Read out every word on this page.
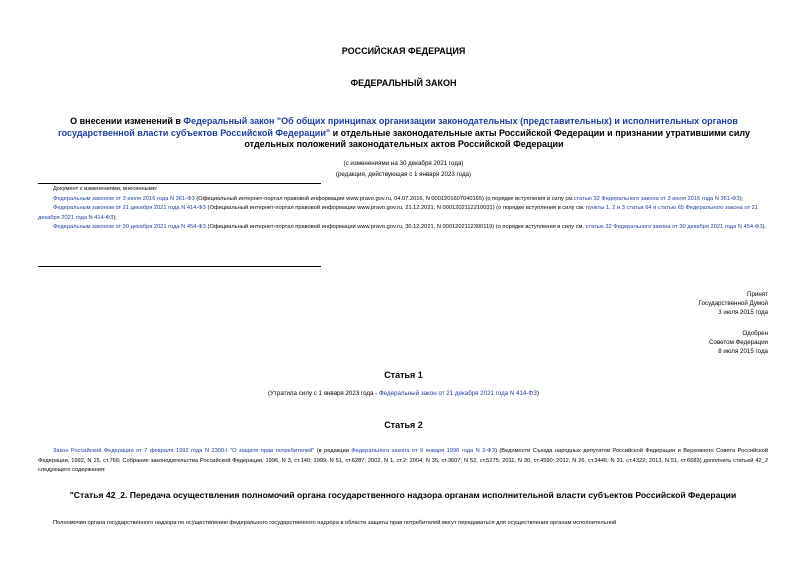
РОССИЙСКАЯ ФЕДЕРАЦИЯ
ФЕДЕРАЛЬНЫЙ ЗАКОН
О внесении изменений в Федеральный закон "Об общих принципах организации законодательных (представительных) и исполнительных органов государственной власти субъектов Российской Федерации" и отдельные законодательные акты Российской Федерации и признании утратившими силу отдельных положений законодательных актов Российской Федерации
(с изменениями на 30 декабря 2021 года)
(редакция, действующая с 1 января 2023 года)
Документ с изменениями, внесенными:
Федеральным законом от 3 июля 2016 года N 361-ФЗ (Официальный интернет-портал правовой информации www.pravo.gov.ru, 04.07.2016, N 0001201607040165) (о порядке вступления в силу см.статью 32 Федерального закона от 3 июля 2016 года N 361-ФЗ);
Федеральным законом от 21 декабря 2021 года N 414-ФЗ (Официальный интернет-портал правовой информации www.pravo.gov.ru, 21.12.2021, N 0001202112210031) (о порядке вступления в силу см. пункты 1, 2 и 3 статьи 64 и статью 65 Федерального закона от 21 декабря 2021 года N 414-ФЗ);
Федеральным законом от 30 декабря 2021 года N 454-ФЗ (Официальный интернет-портал правовой информации www.pravo.gov.ru, 30.12.2021, N 0001202112300119) (о порядке вступления в силу см. статью 32 Федерального закона от 30 декабря 2021 года N 454-ФЗ).
Принят
Государственной Думой
3 июля 2015 года
Одобрен
Советом Федерации
8 июля 2015 года
Статья 1
(Утратила силу с 1 января 2023 года - Федеральный закон от 21 декабря 2021 года N 414-ФЗ)
Статья 2
Закон Российской Федерации от 7 февраля 1992 года N 2300-I "О защите прав потребителей" (в редакции Федерального закона от 9 января 1996 года N 2-ФЗ) (Ведомости Съезда народных депутатов Российской Федерации и Верховного Совета Российской Федерации, 1992, N 15, ст.766; Собрание законодательства Российской Федерации, 1996, N 3, ст.140; 1999, N 51, ст.6287; 2002, N 1, ст.2; 2004, N 35, ст.3607; N 52, ст.5275; 2011, N 30, ст.4590; 2012, N 26, ст.3446; N 31, ст.4322; 2013, N 51, ст.6683) дополнить статьей 42_2 следующего содержания:
"Статья 42_2. Передача осуществления полномочий органа государственного надзора органам исполнительной власти субъектов Российской Федерации
Полномочия органа государственного надзора по осуществлению федерального государственного надзора в области защиты прав потребителей могут передаваться для осуществления органам исполнительной
